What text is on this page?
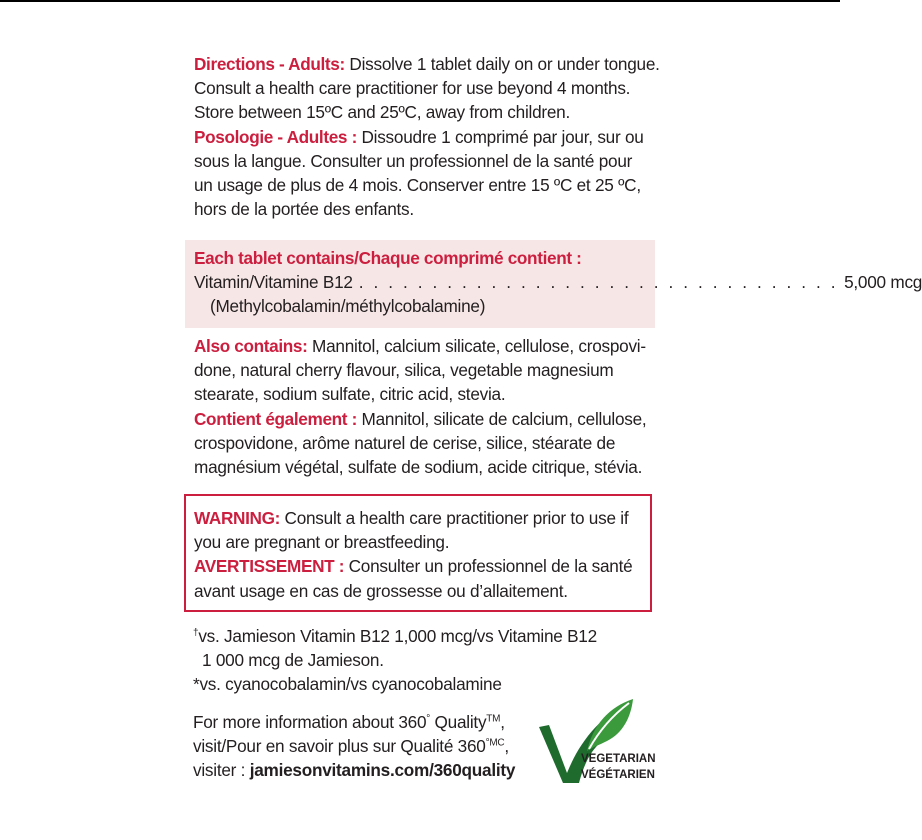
Directions - Adults: Dissolve 1 tablet daily on or under tongue.
Consult a health care practitioner for use beyond 4 months.
Store between 15ºC and 25ºC, away from children.
Posologie - Adultes : Dissoudre 1 comprimé par jour, sur ou
sous la langue. Consulter un professionnel de la santé pour
un usage de plus de 4 mois. Conserver entre 15 ºC et 25 ºC,
hors de la portée des enfants.
Each tablet contains/Chaque comprimé contient :
Vitamin/Vitamine B12 . . . . . . . . . . . . . . . . . . . . . . . . . . . . . . . . . 5,000 mcg
(Methylcobalamin/méthylcobalamine)
Also contains: Mannitol, calcium silicate, cellulose, crospovi-
done, natural cherry flavour, silica, vegetable magnesium
stearate, sodium sulfate, citric acid, stevia.
Contient également : Mannitol, silicate de calcium, cellulose,
crospovidone, arôme naturel de cerise, silice, stéarate de
magnésium végétal, sulfate de sodium, acide citrique, stévia.
WARNING: Consult a health care practitioner prior to use if
you are pregnant or breastfeeding.
AVERTISSEMENT : Consulter un professionnel de la santé
avant usage en cas de grossesse ou d’allaitement.
†vs. Jamieson Vitamin B12 1,000 mcg/vs Vitamine B12
1 000 mcg de Jamieson.
*vs. cyanocobalamin/vs cyanocobalamine
For more information about 360° Quality™,
visit/Pour en savoir plus sur Qualité $360^{^\circ MC}$,
visiter : jamiesonvitamins.com/360quality
VEGETARIAN
VÉGÉTARIEN
